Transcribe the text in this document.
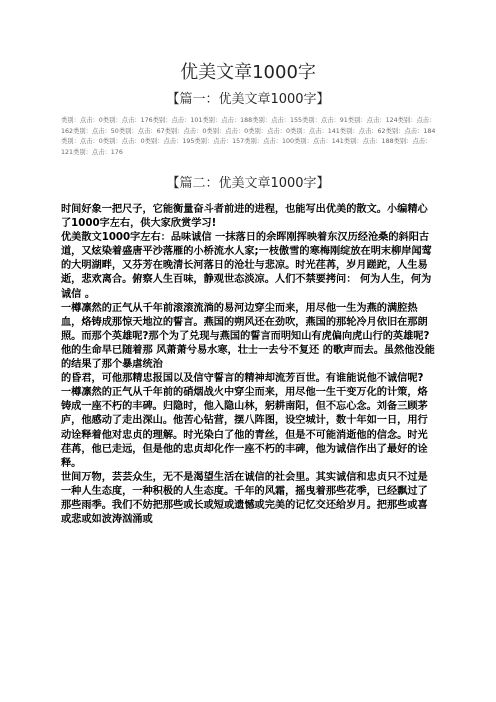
优美文章1000字
【篇一：优美文章1000字】
类别：点击：0类别：点击：176类别：点击：101类别：点击：188类别：点击：155类别：点击：91类别：点击：124类别：点击：162类别：点击：50类别：点击：67类别：点击：0类别：点击：0类别：点击：0类别：点击：141类别：点击：62类别：点击：184类别：点击：0类别：点击：0类别：点击：195类别：点击：157类别：点击：100类别：点击：141类别：点击：188类别：点击：121类别：点击：176
【篇二：优美文章1000字】

时间好象一把尺子，它能衡量奋斗者前进的进程，也能写出优美的散文。小编精心了1000字左右，供大家欣赏学习!

优美散文1000字左右：品味诚信 一抹落日的余晖刚挥映着东汉历经沧桑的斜阳古道，又炫染着盛唐平沙落雁的小桥流水人家;一枝傲雪的寒梅刚绽放在明末柳岸闻莺的大明湖畔，又芬芳在晚清长河落日的沧壮与悲凉。时光荏苒，岁月蹉跎，人生易逝，悲欢离合。俯察人生百味，静观世态淡凉。人们不禁要拷问： 何为人生，何为诚信 。

一樽凛然的正气从千年前滚滚流淌的易河边穿尘而来，用尽他一生为燕的满腔热血，烙铸成那惊天地泣的誓言。燕国的朔风还在劲吹，燕国的那轮冷月依旧在那朗照。而那个英雄呢?那个为了兑现与燕国的誓言而明知山有虎偏向虎山行的英雄呢?他的生命早已随着那 风萧萧兮易水寒，壮士一去兮不复还 的歌声而去。虽然他没能的结果了那个暴虐统治

的昏君，可他那精忠报国以及信守誓言的精神却流芳百世。有谁能说他不诚信呢?

一樽凛然的正气从千年前的硝烟战火中穿尘而来，用尽他一生干变万化的计策，烙铸成一座不朽的丰碑。归隐时，他入隐山林，躬耕南阳，但不忘心念。刘备三顾茅庐，他感动了走出深山。他苦心钻营，摆八阵图，设空城计，数十年如一日，用行动诠释着他对忠贞的理解。时光染白了他的青丝，但是不可能消逝他的信念。时光荏苒，他已走远，但是他的忠贞却化作一座不朽的丰碑，他为诚信作出了最好的诠释。

世间万物，芸芸众生，无不是渴望生活在诚信的社会里。其实诚信和忠贞只不过是一种人生态度，一种积极的人生态度。千年的风霜，摇曳着那些花季，已经飘过了那些雨季。我们不妨把那些或长或短或遗憾或完美的记忆交还给岁月。把那些或喜或悲或如波涛汹涌或
